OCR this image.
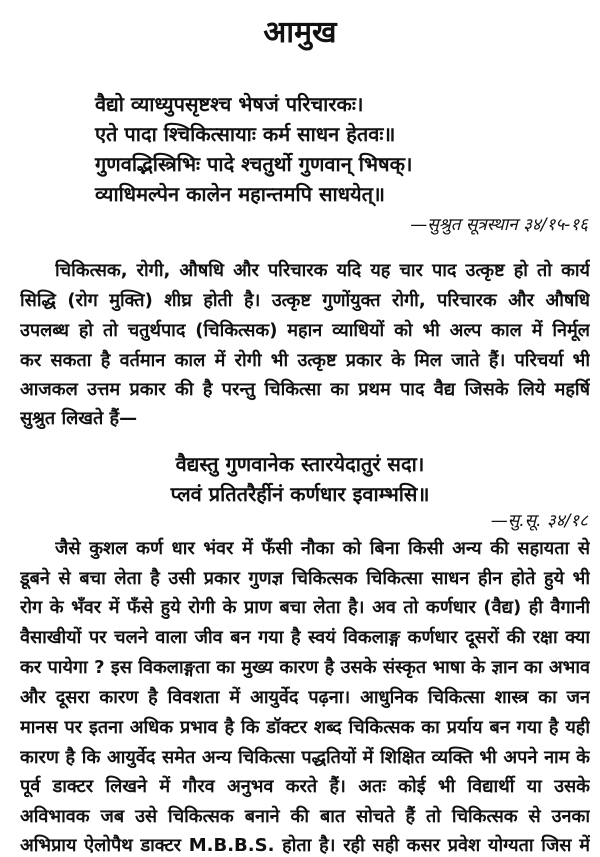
आमुख
वैद्यो व्याध्युपसृष्टश्च भेषजं परिचारकः।
एते पादा श्चिकित्सायाः कर्म साधन हेतवः॥
गुणवद्भिस्त्रिभिः पादे श्चतुर्थो गुणवान् भिषक्।
व्याधिमल्पेन कालेन महान्तमपि साधयेत्॥
—सुश्रुत सूत्रस्थान ३४/१५-१६
चिकित्सक, रोगी, औषधि और परिचारक यदि यह चार पाद उत्कृष्ट हो तो कार्य
सिद्धि (रोग मुक्ति) शीघ्र होती है। उत्कृष्ट गुणोंयुक्त रोगी, परिचारक और औषधि
उपलब्ध हो तो चतुर्थपाद (चिकित्सक) महान व्याधियों को भी अल्प काल में निर्मूल
कर सकता है वर्तमान काल में रोगी भी उत्कृष्ट प्रकार के मिल जाते हैं। परिचर्या भी
आजकल उत्तम प्रकार की है परन्तु चिकित्सा का प्रथम पाद वैद्य जिसके लिये महर्षि
सुश्रुत लिखते हैं—
वैद्यस्तु गुणवानेक स्तारयेदातुरं सदा।
प्लवं प्रतितरैर्हीनं कर्णधार इवाम्भसि॥
—सु.सू. ३४/१८
जैसे कुशल कर्ण धार भंवर में फँसी नौका को बिना किसी अन्य की सहायता से
डूबने से बचा लेता है उसी प्रकार गुणज्ञ चिकित्सक चिकित्सा साधन हीन होते हुये भी
रोग के भँवर में फँसे हुये रोगी के प्राण बचा लेता है। अव तो कर्णधार (वैद्य) ही वैगानी
वैसाखीयों पर चलने वाला जीव बन गया है स्वयं विकलाङ्ग कर्णधार दूसरों की रक्षा क्या
कर पायेगा ? इस विकलाङ्गता का मुख्य कारण है उसके संस्कृत भाषा के ज्ञान का अभाव
और दूसरा कारण है विवशता में आयुर्वेद पढ़ना। आधुनिक चिकित्सा शास्त्र का जन
मानस पर इतना अधिक प्रभाव है कि डॉक्टर शब्द चिकित्सक का प्रर्याय बन गया है यही
कारण है कि आयुर्वेद समेत अन्य चिकित्सा पद्धतियों में शिक्षित व्यक्ति भी अपने नाम के
पूर्व डाक्टर लिखने में गौरव अनुभव करते हैं। अतः कोई भी विद्यार्थी या उसके
अविभावक जब उसे चिकित्सक बनाने की बात सोचते हैं तो चिकित्सक से उनका
अभिप्राय ऐलोपैथ डाक्टर M.B.B.S. होता है। रही सही कसर प्रवेश योग्यता जिस में
